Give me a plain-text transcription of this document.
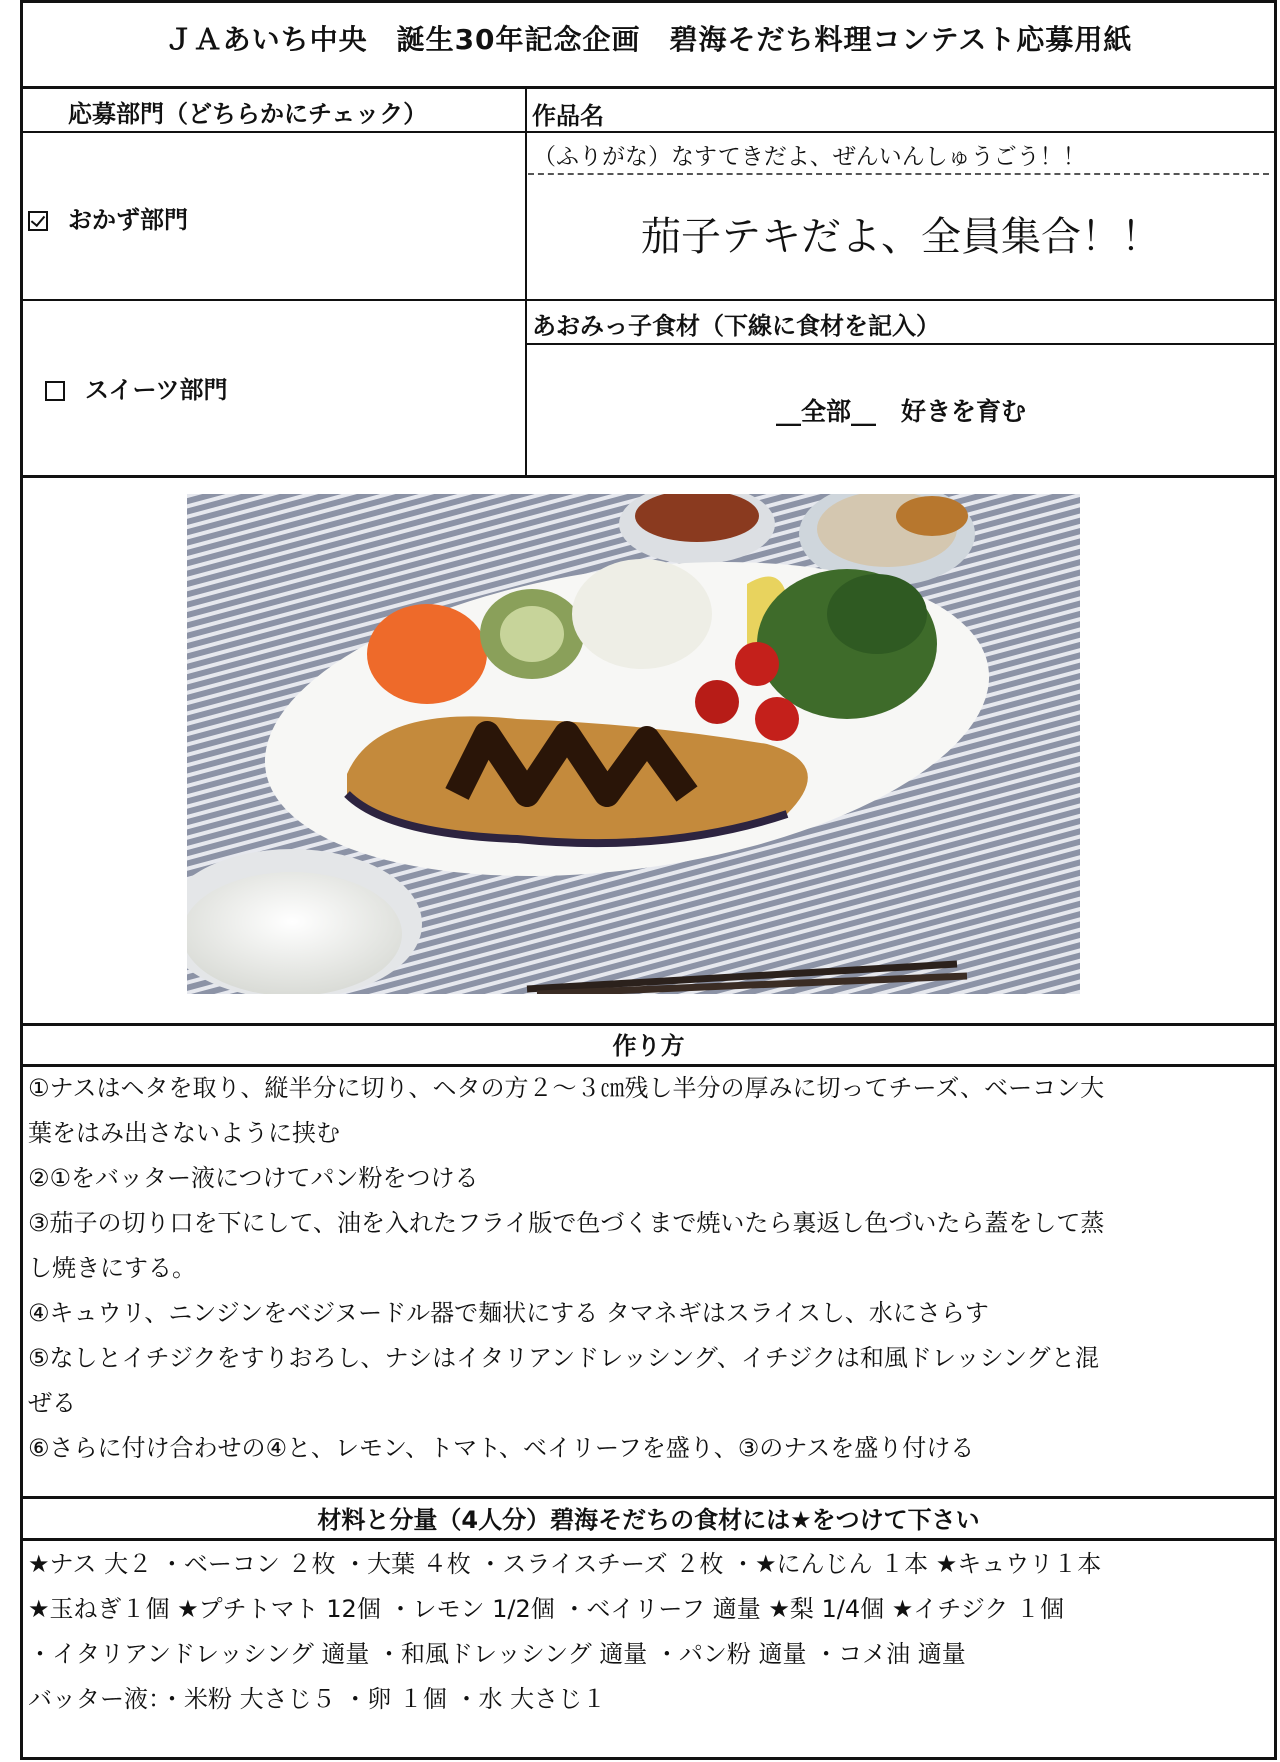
ＪＡあいち中央　誕生30年記念企画　碧海そだち料理コンテスト応募用紙
応募部門（どちらかにチェック）	作品名
おかず部門
（ふりがな）なすてきだよ、ぜんいんしゅうごう！！
茄子テキだよ、全員集合！！
スイーツ部門
あおみっ子食材（下線に食材を記入）
__全部__　 好きを育む
作り方
①ナスはヘタを取り、縦半分に切り、ヘタの方２～３㎝残し半分の厚みに切ってチーズ、ベーコン大
葉をはみ出さないように挟む
②①をバッター液につけてパン粉をつける
③茄子の切り口を下にして、油を入れたフライ版で色づくまで焼いたら裏返し色づいたら蓋をして蒸
し焼きにする。
④キュウリ、ニンジンをベジヌードル器で麺状にする タマネギはスライスし、水にさらす
⑤なしとイチジクをすりおろし、ナシはイタリアンドレッシング、イチジクは和風ドレッシングと混
ぜる
⑥さらに付け合わせの④と、レモン、トマト、ベイリーフを盛り、③のナスを盛り付ける
材料と分量（4人分）碧海そだちの食材には★をつけて下さい
★ナス 大２ ・ベーコン ２枚 ・大葉 ４枚 ・スライスチーズ ２枚 ・★にんじん １本 ★キュウリ１本
★玉ねぎ１個 ★プチトマト 12個 ・レモン 1/2個 ・ベイリーフ 適量 ★梨 1/4個 ★イチジク １個
・イタリアンドレッシング 適量 ・和風ドレッシング 適量 ・パン粉 適量 ・コメ油 適量
バッター液：・米粉 大さじ５ ・卵 １個 ・水 大さじ１
